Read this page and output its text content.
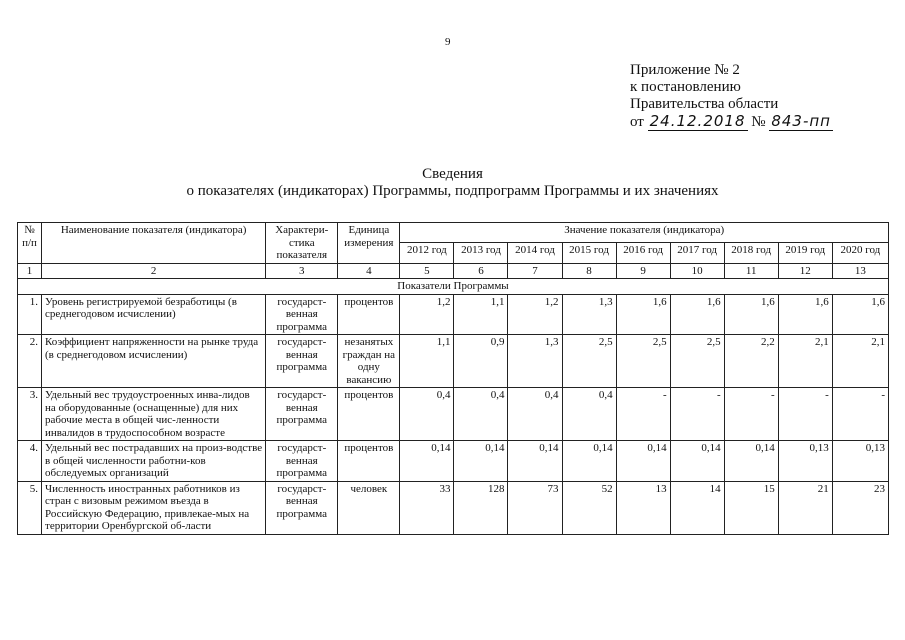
9
Приложение № 2
к постановлению
Правительства области
от 24.12.2018 № 843-пп
Сведения
о показателях (индикаторах) Программы, подпрограмм Программы и их значениях
№ п/п	Наименование показателя (индикатора)	Характери-стика показателя	Единица измерения	Значение показателя (индикатора)								
				2012 год	2013 год	2014 год	2015 год	2016 год	2017 год	2018 год	2019 год	2020 год
1	2	3	4	5	6	7	8	9	10	11	12	13
Показатели Программы												
1.	Уровень регистрируемой безработицы (в среднегодовом исчислении)	государст-венная программа	процентов	1,2	1,1	1,2	1,3	1,6	1,6	1,6	1,6	1,6
2.	Коэффициент напряженности на рынке труда (в среднегодовом исчислении)	государст-венная программа	незанятых граждан на одну вакансию	1,1	0,9	1,3	2,5	2,5	2,5	2,2	2,1	2,1
3.	Удельный вес трудоустроенных инва-лидов на оборудованные (оснащенные) для них рабочие места в общей чис-ленности инвалидов в трудоспособном возрасте	государст-венная программа	процентов	0,4	0,4	0,4	0,4	-	-	-	-	-
4.	Удельный вес пострадавших на произ-водстве в общей численности работни-ков обследуемых организаций	государст-венная программа	процентов	0,14	0,14	0,14	0,14	0,14	0,14	0,14	0,13	0,13
5.	Численность иностранных работников из стран с визовым режимом въезда в Российскую Федерацию, привлекае-мых на территории Оренбургской об-ласти	государст-венная программа	человек	33	128	73	52	13	14	15	21	23
